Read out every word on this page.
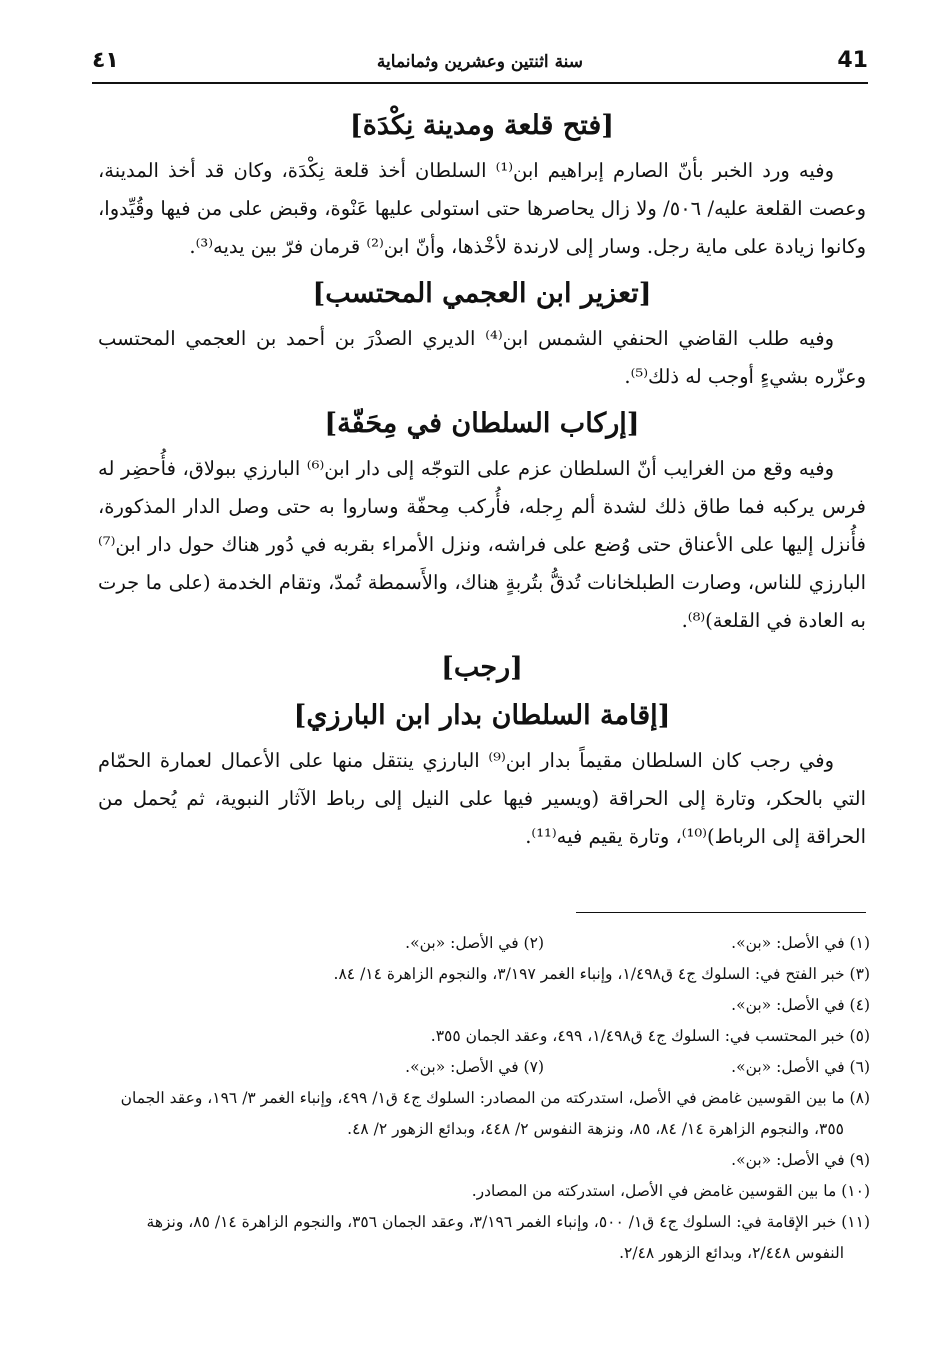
41
سنة اثنتين وعشرين وثمانماية
٤١
[فتح قلعة ومدينة نِكْدَة]

وفيه ورد الخبر بأنّ الصارم إبراهيم ابن⁽¹⁾ السلطان أخذ قلعة نِكْدَة، وكان قد أخذ المدينة، وعصت القلعة عليه/ ٥٠٦/ ولا زال يحاصرها حتى استولى عليها عَنْوة، وقبض على من فيها وقُيِّدوا، وكانوا زيادة على ماية رجل. وسار إلى لارندة لأخْذها، وأنّ ابن⁽²⁾ قرمان فرّ بين يديه⁽³⁾.

[تعزير ابن العجمي المحتسب]

وفيه طلب القاضي الحنفي الشمس ابن⁽⁴⁾ الديري الصدْرَ بن أحمد بن العجمي المحتسب وعزّره بشيءٍ أوجب له ذلك⁽⁵⁾.

[إركاب السلطان في مِحَفّة]

وفيه وقع من الغرايب أنّ السلطان عزم على التوجّه إلى دار ابن⁽⁶⁾ البارزي ببولاق، فأُحضِر له فرس يركبه فما طاق ذلك لشدة ألم رِجله، فأُركب مِحفّة وساروا به حتى وصل الدار المذكورة، فأُنزل إليها على الأعناق حتى وُضع على فراشه، ونزل الأمراء بقربه في دُور هناك حول دار ابن⁽⁷⁾ البارزي للناس، وصارت الطبلخانات تُدقُّ بتُربةٍ هناك، والأَسمطة تُمدّ، وتقام الخدمة (على ما جرت به العادة في القلعة)⁽⁸⁾.

[رجب]
[إقامة السلطان بدار ابن البارزي]

وفي رجب كان السلطان مقيماً بدار ابن⁽⁹⁾ البارزي ينتقل منها على الأعمال لعمارة الحمّام التي بالحكر، وتارة إلى الحراقة (ويسير فيها على النيل إلى رباط الآثار النبوية، ثم يُحمل من الحراقة إلى الرباط)⁽¹⁰⁾، وتارة يقيم فيه⁽¹¹⁾.

(١) في الأصل: «بن».
(٢) في الأصل: «بن».
(٣) خبر الفتح في: السلوك ج٤ ق١/٤٩٨، وإنباء الغمر ٣/١٩٧، والنجوم الزاهرة ١٤/ ٨٤.
(٤) في الأصل: «بن».
(٥) خبر المحتسب في: السلوك ج٤ ق١/٤٩٨، ٤٩٩، وعقد الجمان ٣٥٥.
(٦) في الأصل: «بن».
(٧) في الأصل: «بن».
(٨) ما بين القوسين غامض في الأصل، استدركته من المصادر: السلوك ج٤ ق١/ ٤٩٩، وإنباء الغمر ٣/ ١٩٦، وعقد الجمان ٣٥٥، والنجوم الزاهرة ١٤/ ٨٤، ٨٥، ونزهة النفوس ٢/ ٤٤٨، وبدائع الزهور ٢/ ٤٨.
(٩) في الأصل: «بن».
(١٠) ما بين القوسين غامض في الأصل، استدركته من المصادر.
(١١) خبر الإقامة في: السلوك ج٤ ق١/ ٥٠٠، وإنباء الغمر ٣/١٩٦، وعقد الجمان ٣٥٦، والنجوم الزاهرة ١٤/ ٨٥، ونزهة النفوس ٢/٤٤٨، وبدائع الزهور ٢/٤٨.
